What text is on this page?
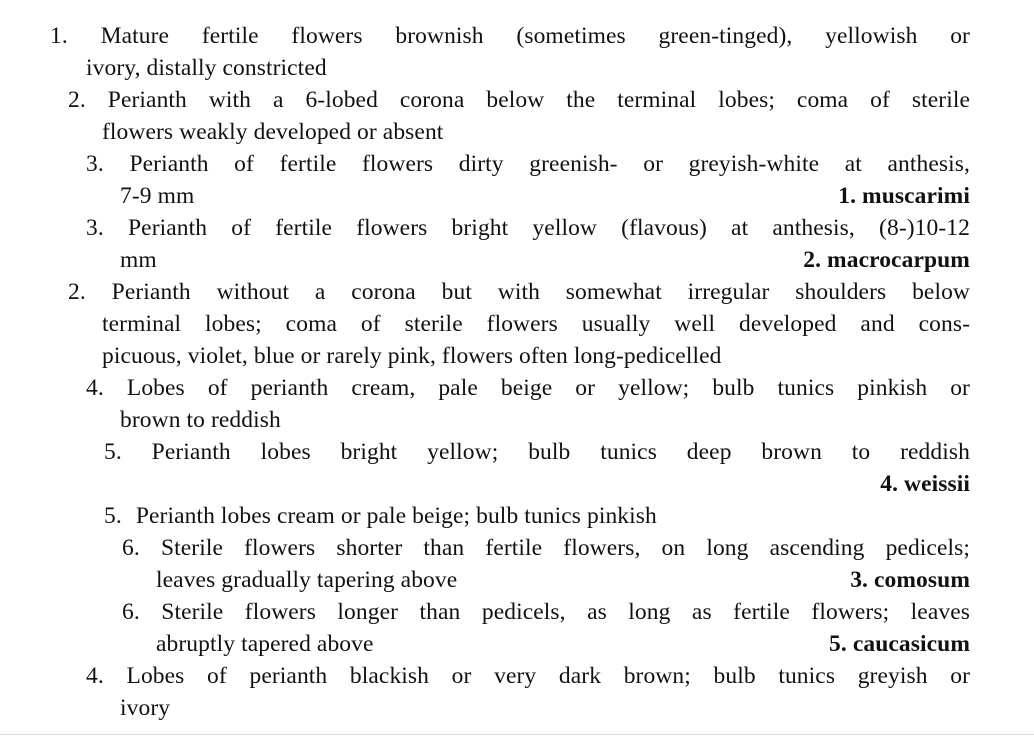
1. Mature fertile flowers brownish (sometimes green-tinged), yellowish or
ivory, distally constricted
2. Perianth with a 6-lobed corona below the terminal lobes; coma of sterile
flowers weakly developed or absent
3. Perianth of fertile flowers dirty greenish- or greyish-white at anthesis,
7-9 mm	1. muscarimi
3. Perianth of fertile flowers bright yellow (flavous) at anthesis, (8-)10-12
mm	2. macrocarpum
2. Perianth without a corona but with somewhat irregular shoulders below
terminal lobes; coma of sterile flowers usually well developed and cons-
picuous, violet, blue or rarely pink, flowers often long-pedicelled
4. Lobes of perianth cream, pale beige or yellow; bulb tunics pinkish or
brown to reddish
5. Perianth lobes bright yellow; bulb tunics deep brown to reddish
4. weissii
5. Perianth lobes cream or pale beige; bulb tunics pinkish
6. Sterile flowers shorter than fertile flowers, on long ascending pedicels;
leaves gradually tapering above	3. comosum
6. Sterile flowers longer than pedicels, as long as fertile flowers; leaves
abruptly tapered above	5. caucasicum
4. Lobes of perianth blackish or very dark brown; bulb tunics greyish or
ivory
